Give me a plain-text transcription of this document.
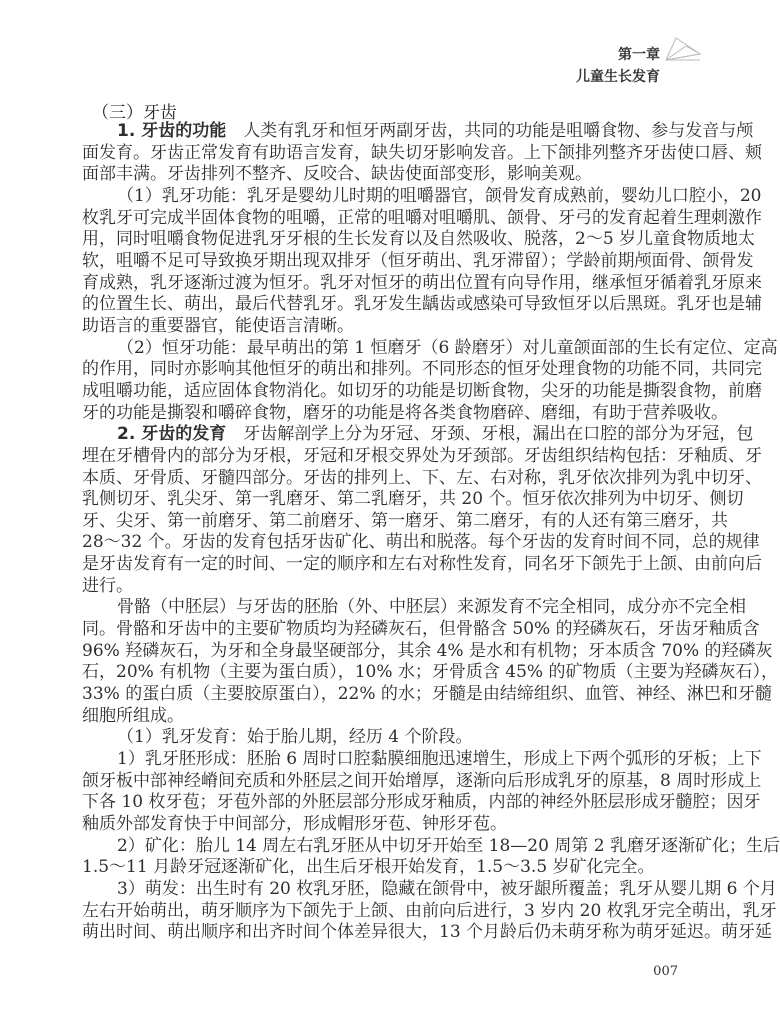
第一章
儿童生长发育
（三）牙齿
1. 牙齿的功能 人类有乳牙和恒牙两副牙齿，共同的功能是咀嚼食物、参与发音与颅
面发育。牙齿正常发育有助语言发育，缺失切牙影响发音。上下颌排列整齐牙齿使口唇、颊
面部丰满。牙齿排列不整齐、反咬合、缺齿使面部变形，影响美观。
（1）乳牙功能：乳牙是婴幼儿时期的咀嚼器官，颌骨发育成熟前，婴幼儿口腔小，20
枚乳牙可完成半固体食物的咀嚼，正常的咀嚼对咀嚼肌、颌骨、牙弓的发育起着生理刺激作
用，同时咀嚼食物促进乳牙牙根的生长发育以及自然吸收、脱落，2～5 岁儿童食物质地太
软，咀嚼不足可导致换牙期出现双排牙（恒牙萌出、乳牙滞留）；学龄前期颅面骨、颌骨发
育成熟，乳牙逐渐过渡为恒牙。乳牙对恒牙的萌出位置有向导作用，继承恒牙循着乳牙原来
的位置生长、萌出，最后代替乳牙。乳牙发生龋齿或感染可导致恒牙以后黑斑。乳牙也是辅
助语言的重要器官，能使语言清晰。
（2）恒牙功能：最早萌出的第 1 恒磨牙（6 龄磨牙）对儿童颌面部的生长有定位、定高
的作用，同时亦影响其他恒牙的萌出和排列。不同形态的恒牙处理食物的功能不同，共同完
成咀嚼功能，适应固体食物消化。如切牙的功能是切断食物，尖牙的功能是撕裂食物，前磨
牙的功能是撕裂和嚼碎食物，磨牙的功能是将各类食物磨碎、磨细，有助于营养吸收。
2. 牙齿的发育 牙齿解剖学上分为牙冠、牙颈、牙根，漏出在口腔的部分为牙冠，包
埋在牙槽骨内的部分为牙根，牙冠和牙根交界处为牙颈部。牙齿组织结构包括：牙釉质、牙
本质、牙骨质、牙髓四部分。牙齿的排列上、下、左、右对称，乳牙依次排列为乳中切牙、
乳侧切牙、乳尖牙、第一乳磨牙、第二乳磨牙，共 20 个。恒牙依次排列为中切牙、侧切
牙、尖牙、第一前磨牙、第二前磨牙、第一磨牙、第二磨牙，有的人还有第三磨牙，共
28～32 个。牙齿的发育包括牙齿矿化、萌出和脱落。每个牙齿的发育时间不同，总的规律
是牙齿发育有一定的时间、一定的顺序和左右对称性发育，同名牙下颌先于上颌、由前向后
进行。
骨骼（中胚层）与牙齿的胚胎（外、中胚层）来源发育不完全相同，成分亦不完全相
同。骨骼和牙齿中的主要矿物质均为羟磷灰石，但骨骼含 50% 的羟磷灰石，牙齿牙釉质含
96% 羟磷灰石，为牙和全身最坚硬部分，其余 4% 是水和有机物；牙本质含 70% 的羟磷灰
石，20% 有机物（主要为蛋白质），10% 水；牙骨质含 45% 的矿物质（主要为羟磷灰石），
33% 的蛋白质（主要胶原蛋白），22% 的水；牙髓是由结缔组织、血管、神经、淋巴和牙髓
细胞所组成。
（1）乳牙发育：始于胎儿期，经历 4 个阶段。
1）乳牙胚形成：胚胎 6 周时口腔黏膜细胞迅速增生，形成上下两个弧形的牙板；上下
颌牙板中部神经嵴间充质和外胚层之间开始增厚，逐渐向后形成乳牙的原基，8 周时形成上
下各 10 枚牙苞；牙苞外部的外胚层部分形成牙釉质，内部的神经外胚层形成牙髓腔；因牙
釉质外部发育快于中间部分，形成帽形牙苞、钟形牙苞。
2）矿化：胎儿 14 周左右乳牙胚从中切牙开始至 18—20 周第 2 乳磨牙逐渐矿化；生后
1.5～11 月龄牙冠逐渐矿化，出生后牙根开始发育，1.5～3.5 岁矿化完全。
3）萌发：出生时有 20 枚乳牙胚，隐藏在颌骨中，被牙龈所覆盖；乳牙从婴儿期 6 个月
左右开始萌出，萌牙顺序为下颌先于上颌、由前向后进行，3 岁内 20 枚乳牙完全萌出，乳牙
萌出时间、萌出顺序和出齐时间个体差异很大，13 个月龄后仍未萌牙称为萌牙延迟。萌牙延
007
